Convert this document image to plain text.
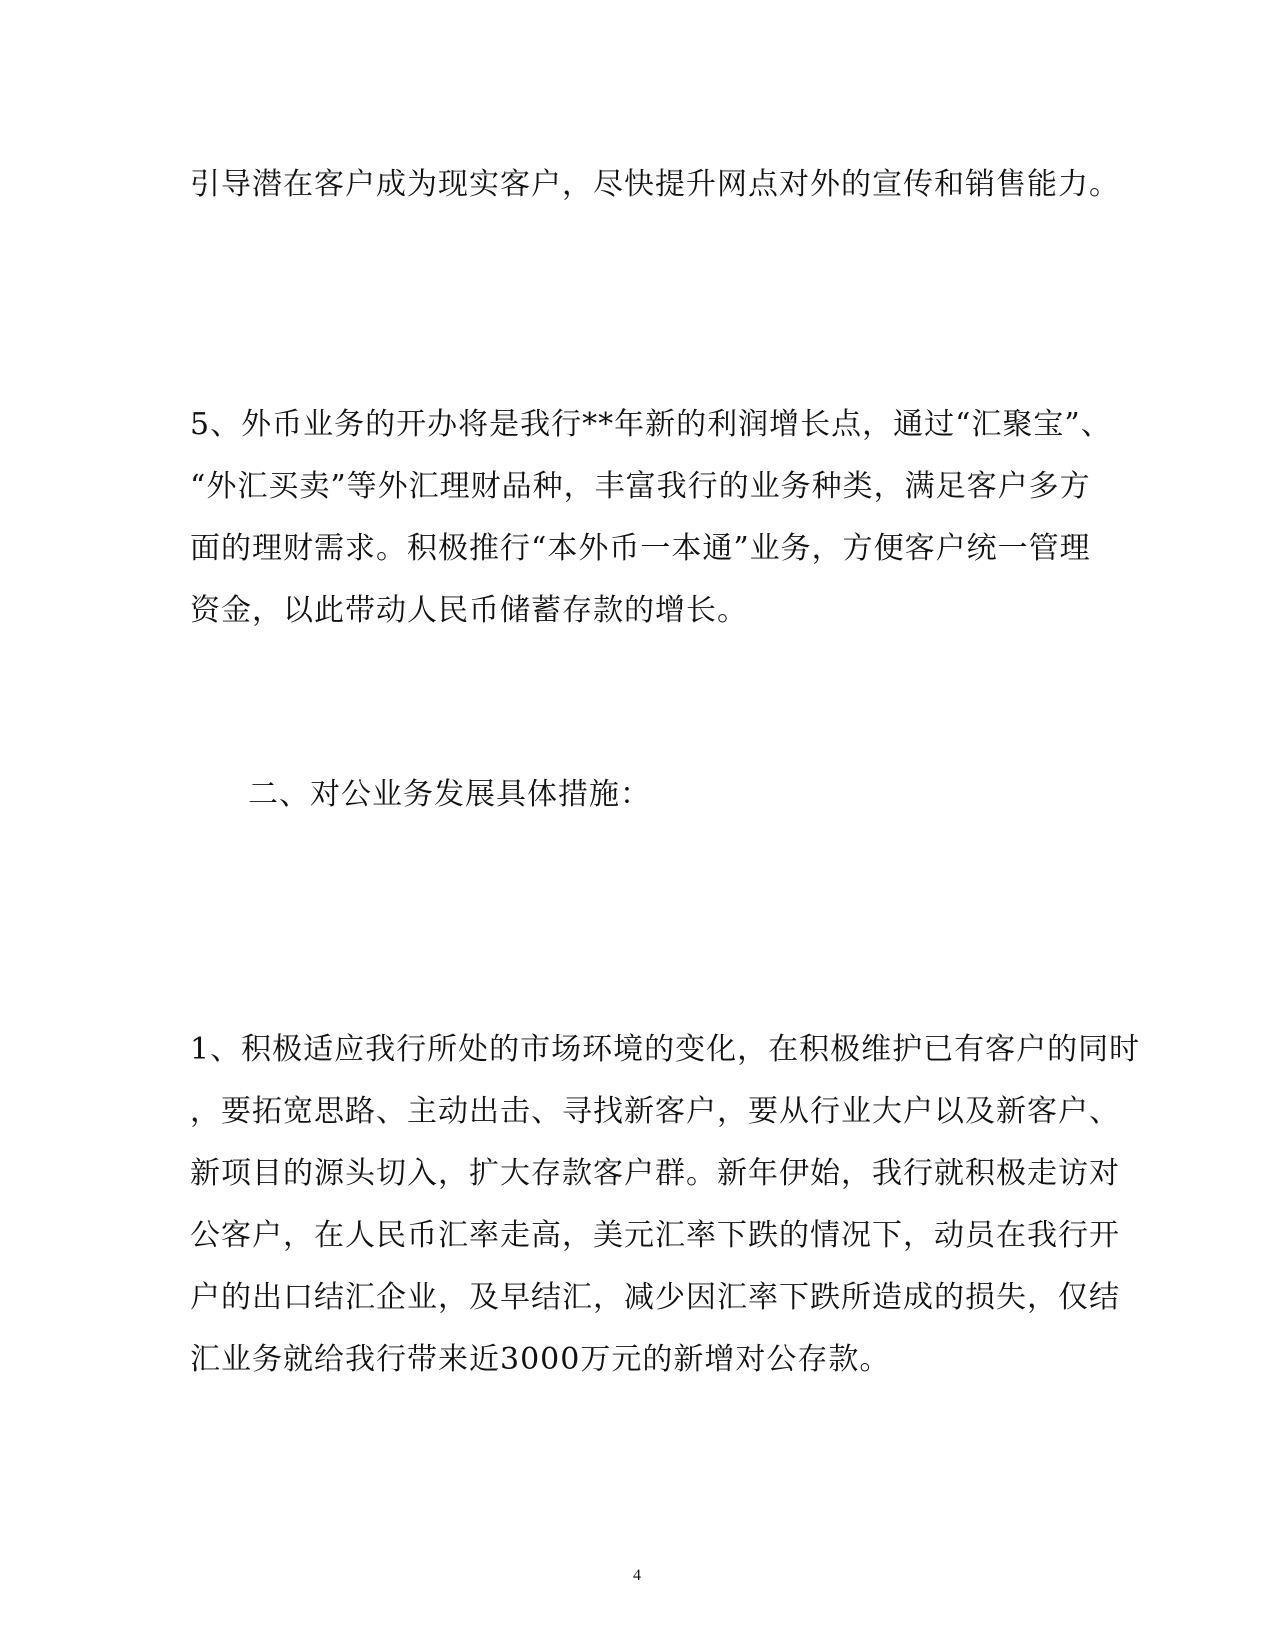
引导潜在客户成为现实客户，尽快提升网点对外的宣传和销售能力。
5、外币业务的开办将是我行**年新的利润增长点，通过“汇聚宝”、
“外汇买卖”等外汇理财品种，丰富我行的业务种类，满足客户多方
面的理财需求。积极推行“本外币一本通”业务，方便客户统一管理
资金，以此带动人民币储蓄存款的增长。
二、对公业务发展具体措施：
1、积极适应我行所处的市场环境的变化，在积极维护已有客户的同时
，要拓宽思路、主动出击、寻找新客户，要从行业大户以及新客户、
新项目的源头切入，扩大存款客户群。新年伊始，我行就积极走访对
公客户，在人民币汇率走高，美元汇率下跌的情况下，动员在我行开
户的出口结汇企业，及早结汇，减少因汇率下跌所造成的损失，仅结
汇业务就给我行带来近3000万元的新增对公存款。
4
